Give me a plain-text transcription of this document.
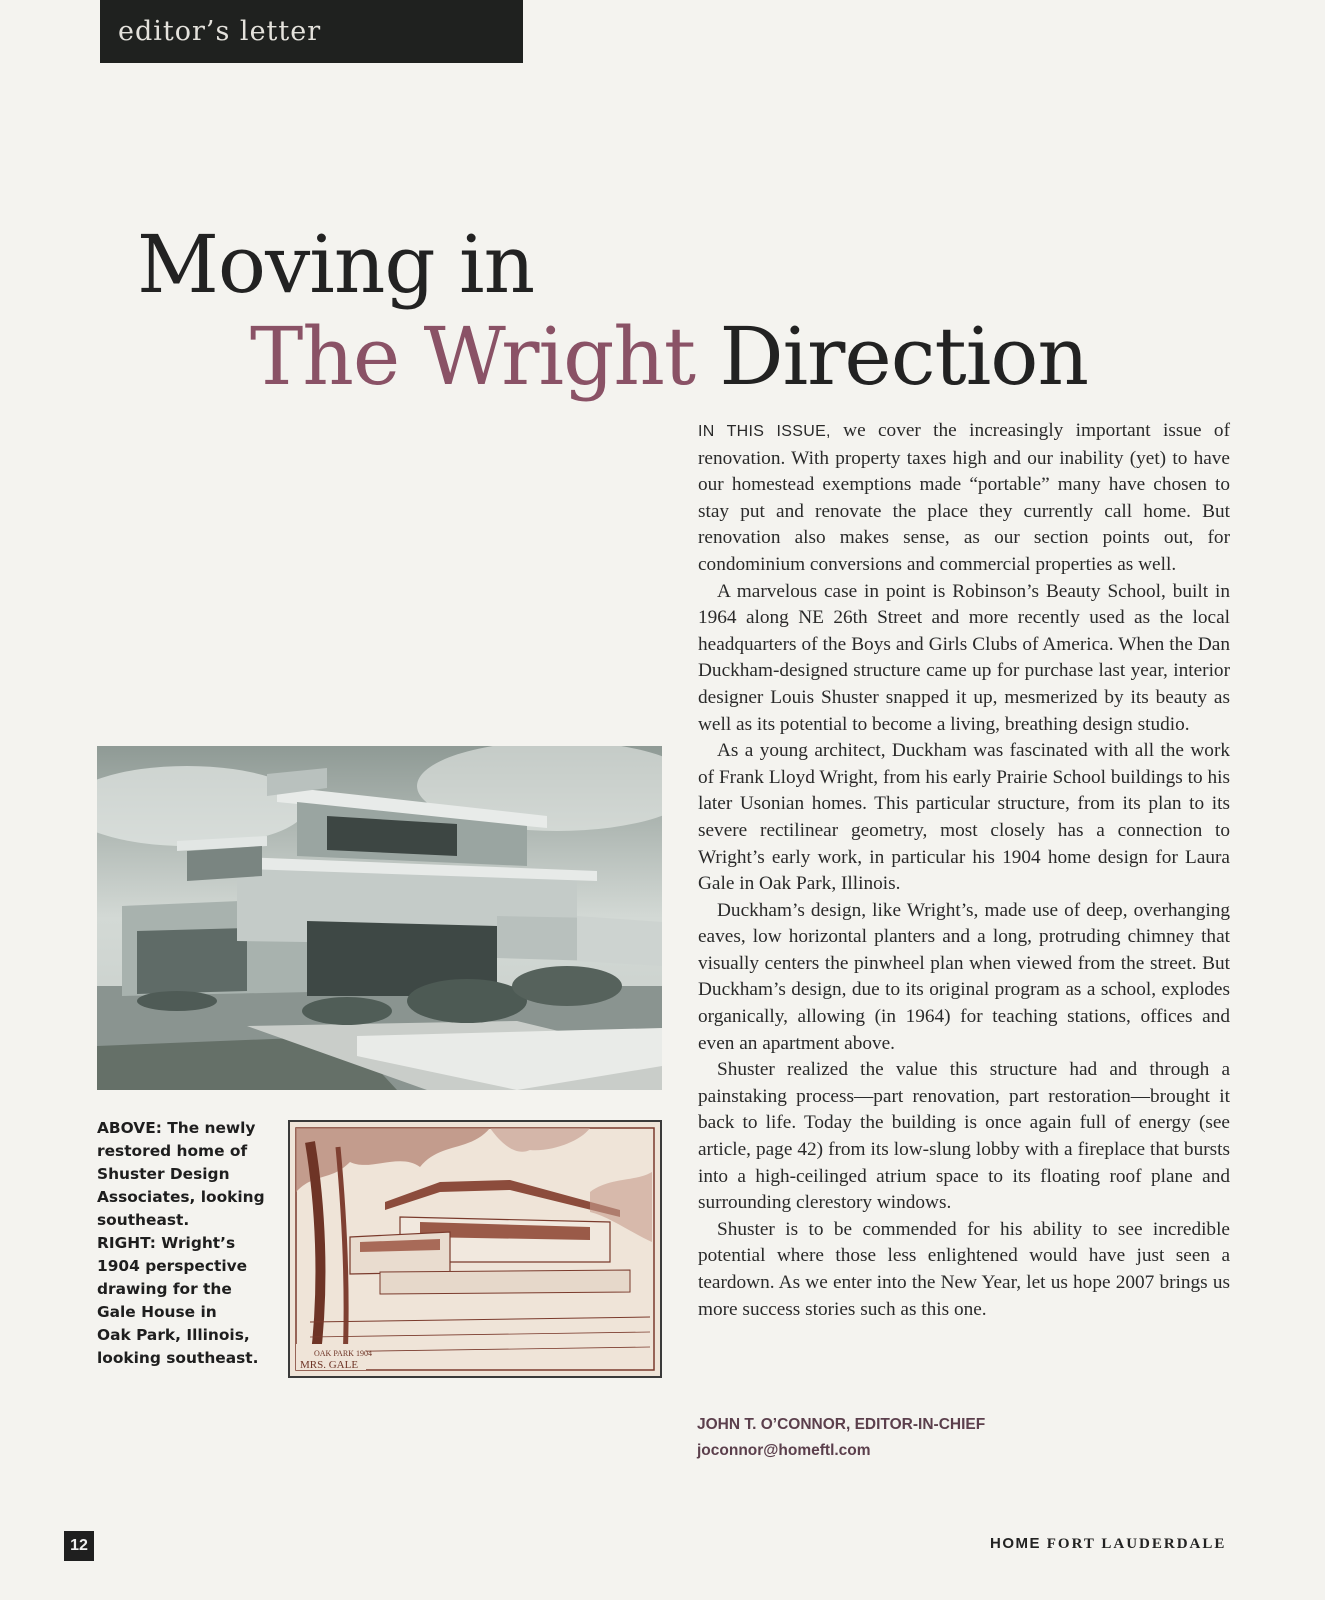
editor’s letter
Moving in
The Wright Direction

IN THIS ISSUE, we cover the increasingly important issue of renovation. With property taxes high and our inability (yet) to have our homestead exemptions made “portable” many have chosen to stay put and renovate the place they currently call home. But renovation also makes sense, as our section points out, for condominium conversions and commercial properties as well.

A marvelous case in point is Robinson’s Beauty School, built in 1964 along NE 26th Street and more recently used as the local headquarters of the Boys and Girls Clubs of America. When the Dan Duckham-designed structure came up for purchase last year, interior designer Louis Shuster snapped it up, mesmerized by its beauty as well as its potential to become a living, breathing design studio.

As a young architect, Duckham was fascinated with all the work of Frank Lloyd Wright, from his early Prairie School buildings to his later Usonian homes. This particular structure, from its plan to its severe rectilinear geometry, most closely has a connection to Wright’s early work, in particular his 1904 home design for Laura Gale in Oak Park, Illinois.

Duckham’s design, like Wright’s, made use of deep, overhanging eaves, low horizontal planters and a long, protruding chimney that visually centers the pinwheel plan when viewed from the street. But Duckham’s design, due to its original program as a school, explodes organically, allowing (in 1964) for teaching stations, offices and even an apartment above.

Shuster realized the value this structure had and through a painstaking process—part renovation, part restoration—brought it back to life. Today the building is once again full of energy (see article, page 42) from its low-slung lobby with a fireplace that bursts into a high-ceilinged atrium space to its floating roof plane and surrounding clerestory windows.

Shuster is to be commended for his ability to see incredible potential where those less enlightened would have just seen a teardown. As we enter into the New Year, let us hope 2007 brings us more success stories such as this one.

JOHN T. O’CONNOR, EDITOR-IN-CHIEF
joconnor@homeftl.com
OAK PARK 1904
MRS. GALE
ABOVE: The newly
restored home of
Shuster Design
Associates, looking
southeast.
RIGHT: Wright’s
1904 perspective
drawing for the
Gale House in
Oak Park, Illinois,
looking southeast.
12	HOME FORT LAUDERDALE
